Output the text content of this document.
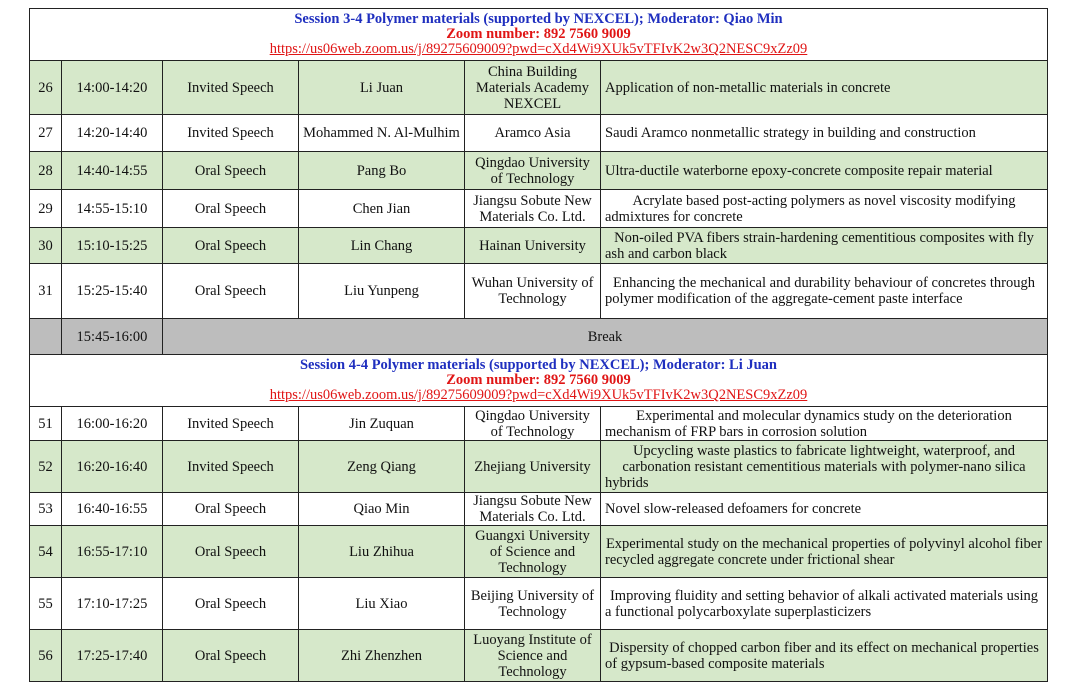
Session 3-4 Polymer materials (supported by NEXCEL); Moderator: Qiao Min
Zoom number: 892 7560 9009
https://us06web.zoom.us/j/89275609009?pwd=cXd4Wi9XUk5vTFIvK2w3Q2NESC9xZz09					

26	14:00-14:20	Invited Speech	Li Juan	China Building Materials Academy NEXCEL	Application of non-metallic materials in concrete
27	14:20-14:40	Invited Speech	Mohammed N. Al-Mulhim	Aramco Asia	Saudi Aramco nonmetallic strategy in building and construction
28	14:40-14:55	Oral Speech	Pang Bo	Qingdao University of Technology	Ultra-ductile waterborne epoxy-concrete composite repair material
29	14:55-15:10	Oral Speech	Chen Jian	Jiangsu Sobute New Materials Co. Ltd.	Acrylate based post-acting polymers as novel viscosity modifying admixtures for concrete
30	15:10-15:25	Oral Speech	Lin Chang	Hainan University	Non-oiled PVA fibers strain-hardening cementitious composites with fly ash and carbon black
31	15:25-15:40	Oral Speech	Liu Yunpeng	Wuhan University of Technology	Enhancing the mechanical and durability behaviour of concretes through polymer modification of the aggregate-cement paste interface
	15:45-16:00	Break			

Session 4-4 Polymer materials (supported by NEXCEL); Moderator: Li Juan
Zoom number: 892 7560 9009
https://us06web.zoom.us/j/89275609009?pwd=cXd4Wi9XUk5vTFIvK2w3Q2NESC9xZz09					

51	16:00-16:20	Invited Speech	Jin Zuquan	Qingdao University of Technology	Experimental and molecular dynamics study on the deterioration mechanism of FRP bars in corrosion solution
52	16:20-16:40	Invited Speech	Zeng Qiang	Zhejiang University	Upcycling waste plastics to fabricate lightweight, waterproof, and carbonation resistant cementitious materials with polymer-nano silica hybrids
53	16:40-16:55	Oral Speech	Qiao Min	Jiangsu Sobute New Materials Co. Ltd.	Novel slow-released defoamers for concrete
54	16:55-17:10	Oral Speech	Liu Zhihua	Guangxi University of Science and Technology	Experimental study on the mechanical properties of polyvinyl alcohol fiber recycled aggregate concrete under frictional shear
55	17:10-17:25	Oral Speech	Liu Xiao	Beijing University of Technology	Improving fluidity and setting behavior of alkali activated materials using a functional polycarboxylate superplasticizers
56	17:25-17:40	Oral Speech	Zhi Zhenzhen	Luoyang Institute of Science and Technology	Dispersity of chopped carbon fiber and its effect on mechanical properties of gypsum-based composite materials
